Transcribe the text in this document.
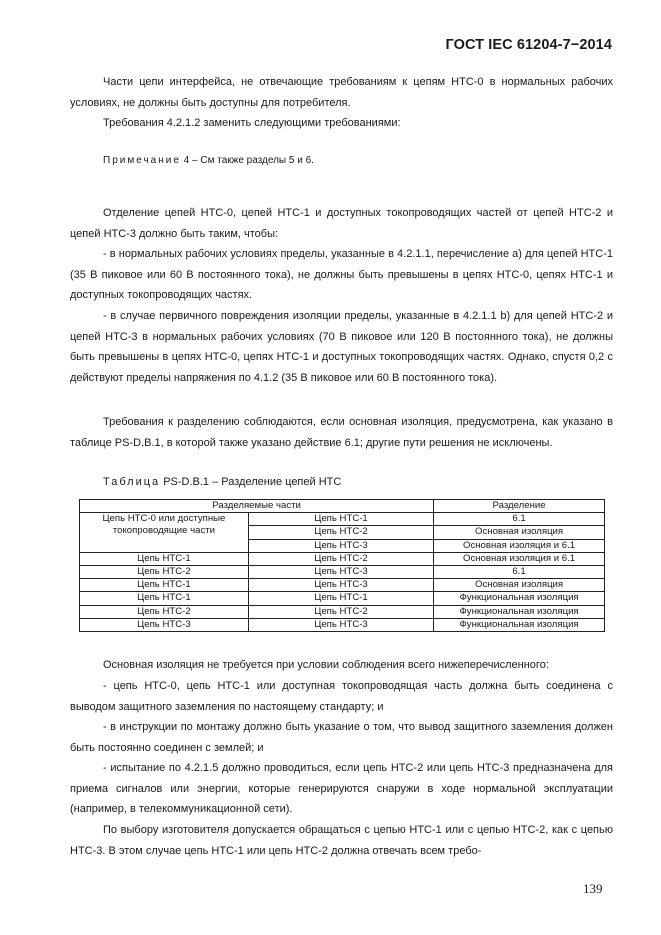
ГОСТ IEC 61204-7−2014

Части цепи интерфейса, не отвечающие требованиям к цепям НТС-0 в нормальных рабочих условиях, не должны быть доступны для потребителя.

Требования 4.2.1.2 заменить следующими требованиями:

Примечание 4 – См также разделы 5 и 6.

Отделение цепей НТС-0, цепей НТС-1 и доступных токопроводящих частей от цепей НТС-2 и цепей НТС-3 должно быть таким, чтобы:

- в нормальных рабочих условиях пределы, указанные в 4.2.1.1, перечисление а) для цепей НТС-1 (35 В пиковое или 60 В постоянного тока), не должны быть превышены в цепях НТС-0, цепях НТС-1 и доступных токопроводящих частях.

- в случае первичного повреждения изоляции пределы, указанные в 4.2.1.1 b) для цепей НТС-2 и цепей НТС-3 в нормальных рабочих условиях (70 В пиковое или 120 В постоянного тока), не должны быть превышены в цепях НТС-0, цепях НТС-1 и доступных токопроводящих частях. Однако, спустя 0,2 с действуют пределы напряжения по 4.1.2 (35 В пиковое или 60 В постоянного тока).

Требования к разделению соблюдаются, если основная изоляция, предусмотрена, как указано в таблице PS-D.B.1, в которой также указано действие 6.1; другие пути решения не исключены.

Таблица PS-D.B.1 – Разделение цепей НТС
Разделяемые части		Разделение
Цепь НТС-0 или доступные токопроводящие части	Цепь НТС-1	6.1
	Цепь НТС-2	Основная изоляция
	Цепь НТС-3	Основная изоляция и 6.1
Цепь НТС-1	Цепь НТС-2	Основная изоляция и 6.1
Цепь НТС-2	Цепь НТС-3	6.1
Цепь НТС-1	Цепь НТС-3	Основная изоляция
Цепь НТС-1	Цепь НТС-1	Функциональная изоляция
Цепь НТС-2	Цепь НТС-2	Функциональная изоляция
Цепь НТС-3	Цепь НТС-3	Функциональная изоляция

Основная изоляция не требуется при условии соблюдения всего нижеперечисленного:

- цепь НТС-0, цепь НТС-1 или доступная токопроводящая часть должна быть соединена с выводом защитного заземления по настоящему стандарту; и

- в инструкции по монтажу должно быть указание о том, что вывод защитного заземления должен быть постоянно соединен с землей; и

- испытание по 4.2.1.5 должно проводиться, если цепь НТС-2 или цепь НТС-3 предназначена для приема сигналов или энергии, которые генерируются снаружи в ходе нормальной эксплуатации (например, в телекоммуникационной сети).

По выбору изготовителя допускается обращаться с цепью НТС-1 или с цепью НТС-2, как с цепью НТС-3. В этом случае цепь НТС-1 или цепь НТС-2 должна отвечать всем требо-

139
